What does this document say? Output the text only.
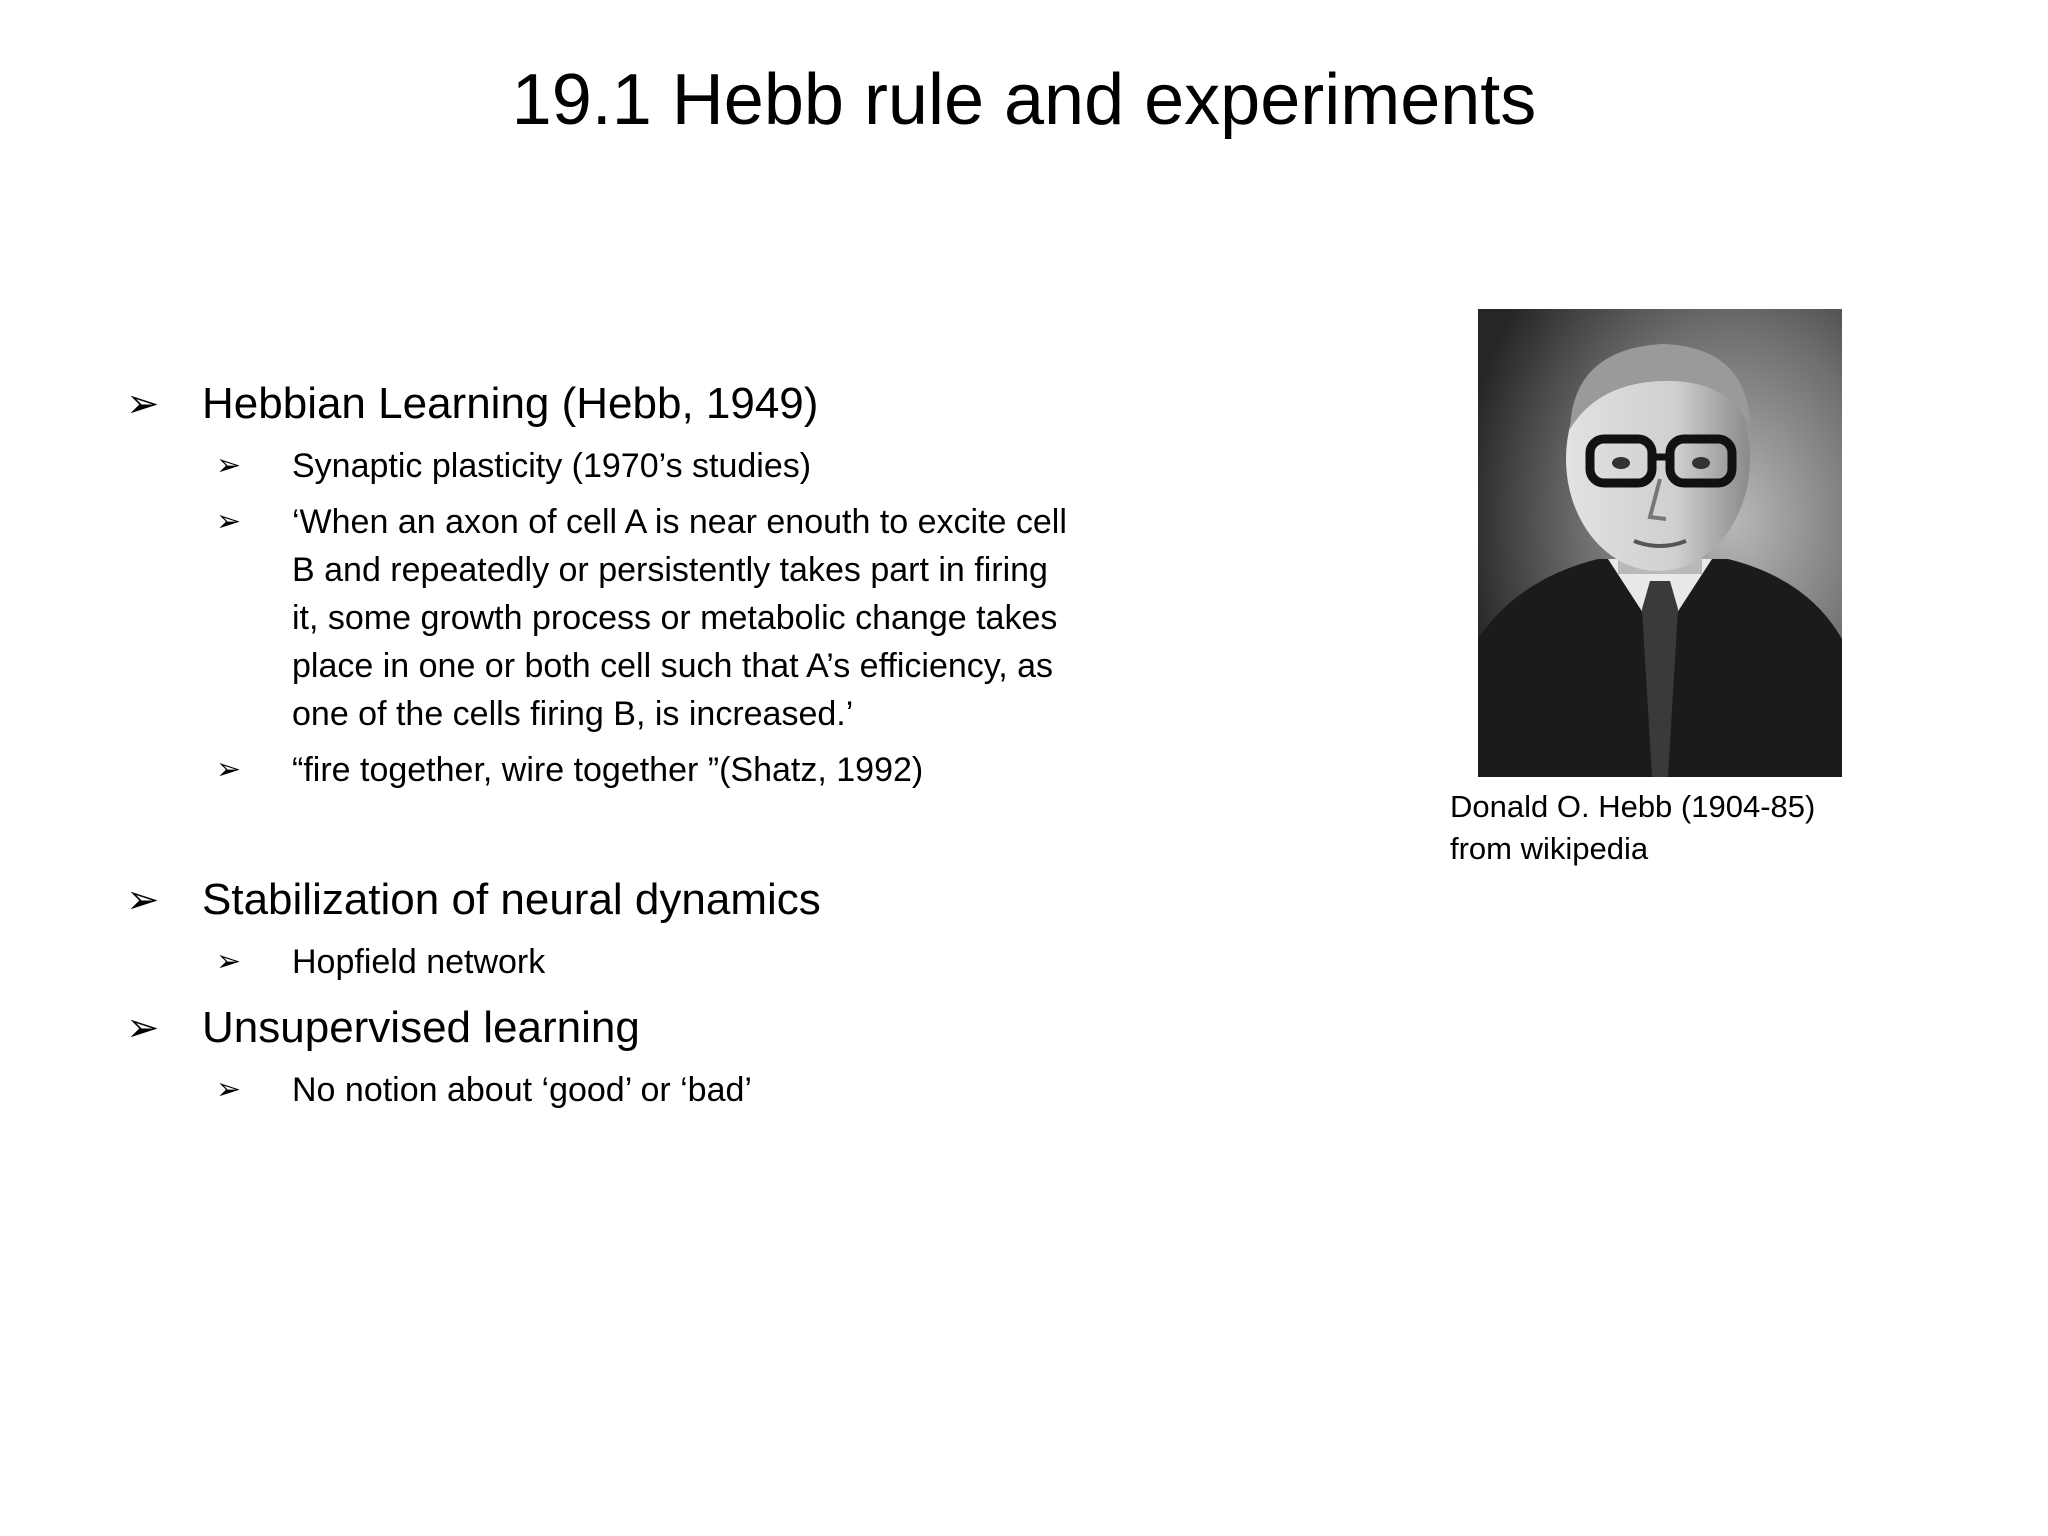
19.1 Hebb rule and experiments
➢ Hebbian Learning (Hebb, 1949)
➢ Synaptic plasticity (1970’s studies)
➢ ‘When an axon of cell A is near enouth to excite cell B and repeatedly or persistently takes part in firing it, some growth process or metabolic change takes place in one or both cell such that A’s efficiency, as one of the cells firing B, is increased.’
➢ “fire together, wire together ”(Shatz, 1992)
➢ Stabilization of neural dynamics
➢ Hopfield network
➢ Unsupervised learning
➢ No notion about ‘good’ or ‘bad’
Donald O. Hebb (1904-85)
from wikipedia
